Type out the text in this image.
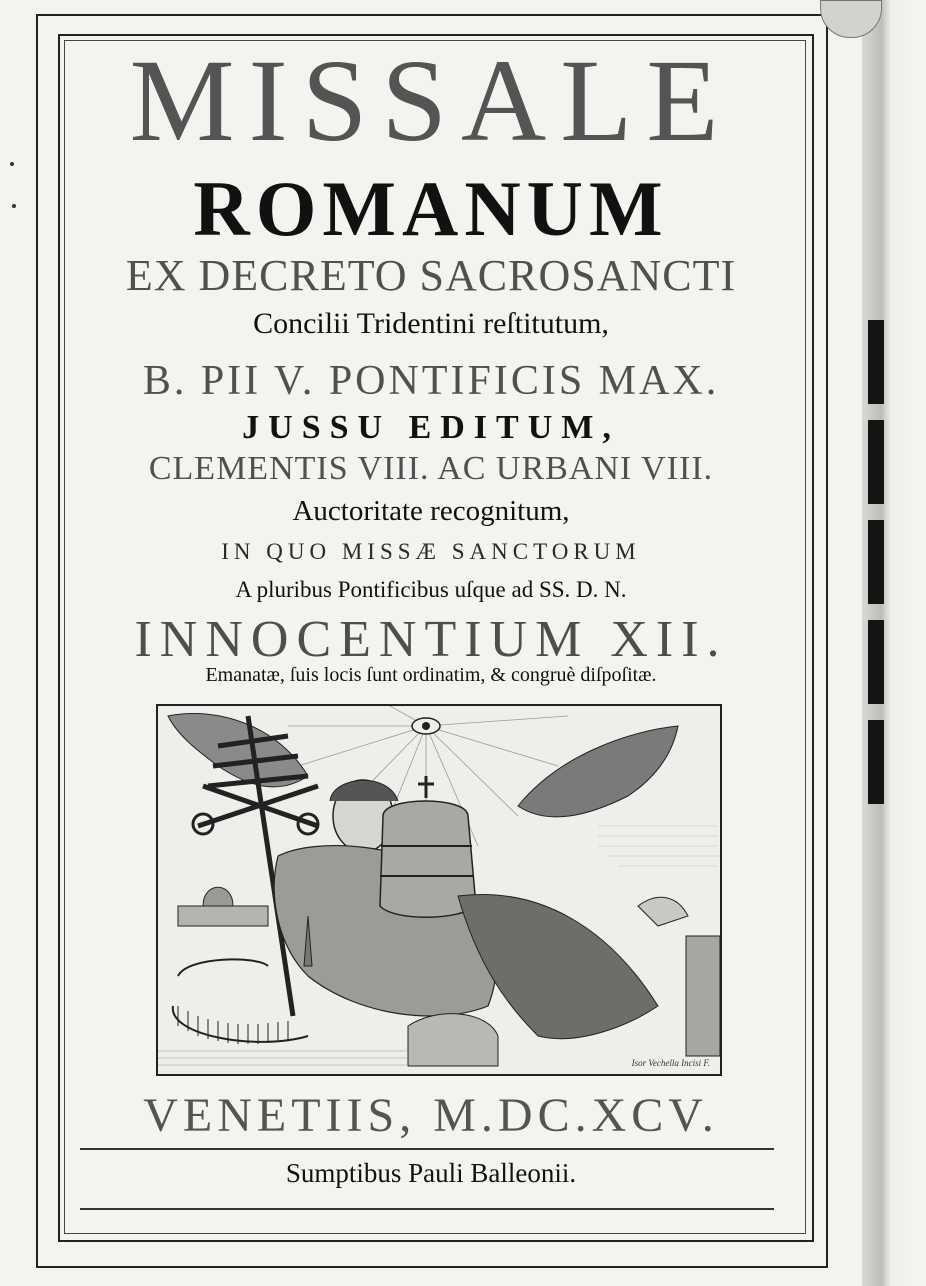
MISSALE
ROMANUM
EX DECRETO SACROSANCTI
Concilii Tridentini reſtitutum,
B. PII V. PONTIFICIS MAX.
JUSSU EDITUM,
CLEMENTIS VIII. AC URBANI VIII.
Auctoritate recognitum,
IN QUO MISSÆ SANCTORUM
A pluribus Pontificibus uſque ad SS. D. N.
INNOCENTIUM XII.
Emanatæ, ſuis locis ſunt ordinatim, & congruè diſpoſitæ.
Isor Vechella Incisi F.
VENETIIS, M.DC.XCV.
Sumptibus Pauli Balleonii.
